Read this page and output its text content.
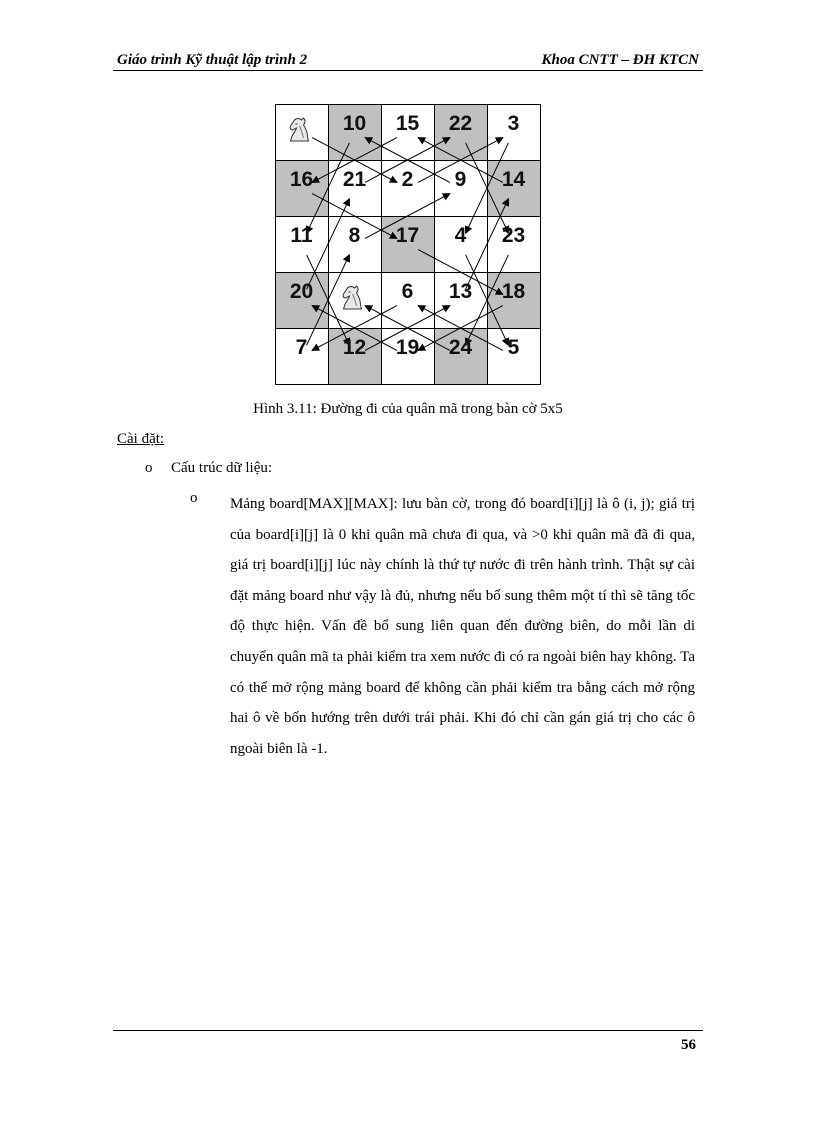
Giáo trình Kỹ thuật lập trình 2	Khoa CNTT – ĐH KTCN
10 15 22 3
16 21 2 9 14
11 8 17 4 23
20	6 13 18
7 12 19 24 5
Hình 3.11: Đường đi của quân mã trong bàn cờ 5x5
Cài đặt:
o Cấu trúc dữ liệu:
o Mảng board[MAX][MAX]: lưu bàn cờ, trong đó board[i][j] là ô (i, j); giá trị của board[i][j] là 0 khi quân mã chưa đi qua, và >0 khi quân mã đã đi qua, giá trị board[i][j] lúc này chính là thứ tự nước đi trên hành trình. Thật sự cài đặt mảng board như vậy là đủ, nhưng nếu bổ sung thêm một tí thì sẽ tăng tốc độ thực hiện. Vấn đề bổ sung liên quan đến đường biên, do mỗi lần di chuyển quân mã ta phải kiểm tra xem nước đi có ra ngoài biên hay không. Ta có thể mở rộng mảng board để không cần phải kiểm tra bằng cách mở rộng hai ô về bốn hướng trên dưới trái phải. Khi đó chỉ cần gán giá trị cho các ô ngoài biên là -1.
56
